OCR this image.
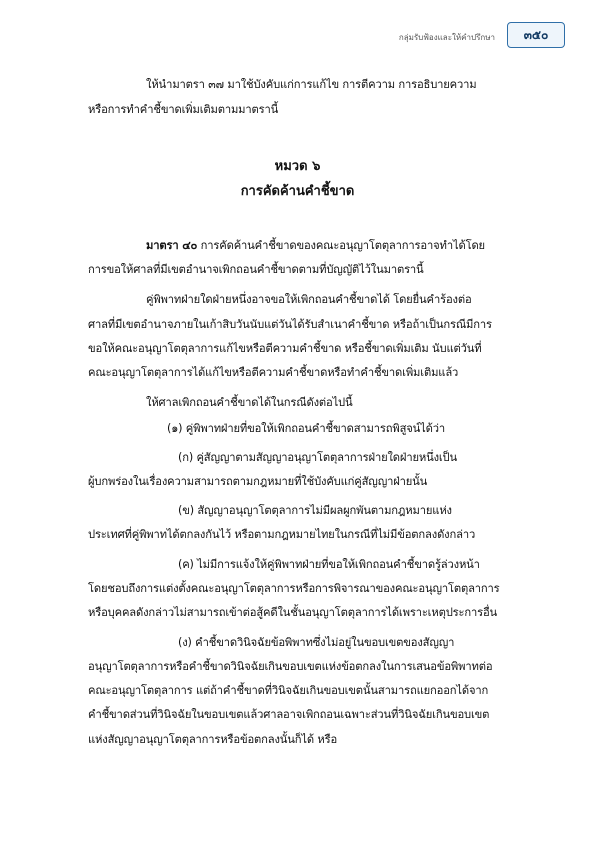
กลุ่มรับฟ้องและให้คำปรึกษา ๓๕๐
ให้นำมาตรา ๓๗ มาใช้บังคับแก่การแก้ไข การตีความ การอธิบายความ
หรือการทำคำชี้ขาดเพิ่มเติมตามมาตรานี้
หมวด ๖
การคัดค้านคำชี้ขาด
มาตรา ๔๐ การคัดค้านคำชี้ขาดของคณะอนุญาโตตุลาการอาจทำได้โดย
การขอให้ศาลที่มีเขตอำนาจเพิกถอนคำชี้ขาดตามที่บัญญัติไว้ในมาตรานี้
คู่พิพาทฝ่ายใดฝ่ายหนึ่งอาจขอให้เพิกถอนคำชี้ขาดได้ โดยยื่นคำร้องต่อ
ศาลที่มีเขตอำนาจภายในเก้าสิบวันนับแต่วันได้รับสำเนาคำชี้ขาด หรือถ้าเป็นกรณีมีการ
ขอให้คณะอนุญาโตตุลาการแก้ไขหรือตีความคำชี้ขาด หรือชี้ขาดเพิ่มเติม นับแต่วันที่
คณะอนุญาโตตุลาการได้แก้ไขหรือตีความคำชี้ขาดหรือทำคำชี้ขาดเพิ่มเติมแล้ว
ให้ศาลเพิกถอนคำชี้ขาดได้ในกรณีดังต่อไปนี้
(๑) คู่พิพาทฝ่ายที่ขอให้เพิกถอนคำชี้ขาดสามารถพิสูจน์ได้ว่า
(ก) คู่สัญญาตามสัญญาอนุญาโตตุลาการฝ่ายใดฝ่ายหนึ่งเป็น
ผู้บกพร่องในเรื่องความสามารถตามกฎหมายที่ใช้บังคับแก่คู่สัญญาฝ่ายนั้น
(ข) สัญญาอนุญาโตตุลาการไม่มีผลผูกพันตามกฎหมายแห่ง
ประเทศที่คู่พิพาทได้ตกลงกันไว้ หรือตามกฎหมายไทยในกรณีที่ไม่มีข้อตกลงดังกล่าว
(ค) ไม่มีการแจ้งให้คู่พิพาทฝ่ายที่ขอให้เพิกถอนคำชี้ขาดรู้ล่วงหน้า
โดยชอบถึงการแต่งตั้งคณะอนุญาโตตุลาการหรือการพิจารณาของคณะอนุญาโตตุลาการ
หรือบุคคลดังกล่าวไม่สามารถเข้าต่อสู้คดีในชั้นอนุญาโตตุลาการได้เพราะเหตุประการอื่น
(ง) คำชี้ขาดวินิจฉัยข้อพิพาทซึ่งไม่อยู่ในขอบเขตของสัญญา
อนุญาโตตุลาการหรือคำชี้ขาดวินิจฉัยเกินขอบเขตแห่งข้อตกลงในการเสนอข้อพิพาทต่อ
คณะอนุญาโตตุลาการ แต่ถ้าคำชี้ขาดที่วินิจฉัยเกินขอบเขตนั้นสามารถแยกออกได้จาก
คำชี้ขาดส่วนที่วินิจฉัยในขอบเขตแล้วศาลอาจเพิกถอนเฉพาะส่วนที่วินิจฉัยเกินขอบเขต
แห่งสัญญาอนุญาโตตุลาการหรือข้อตกลงนั้นก็ได้ หรือ
